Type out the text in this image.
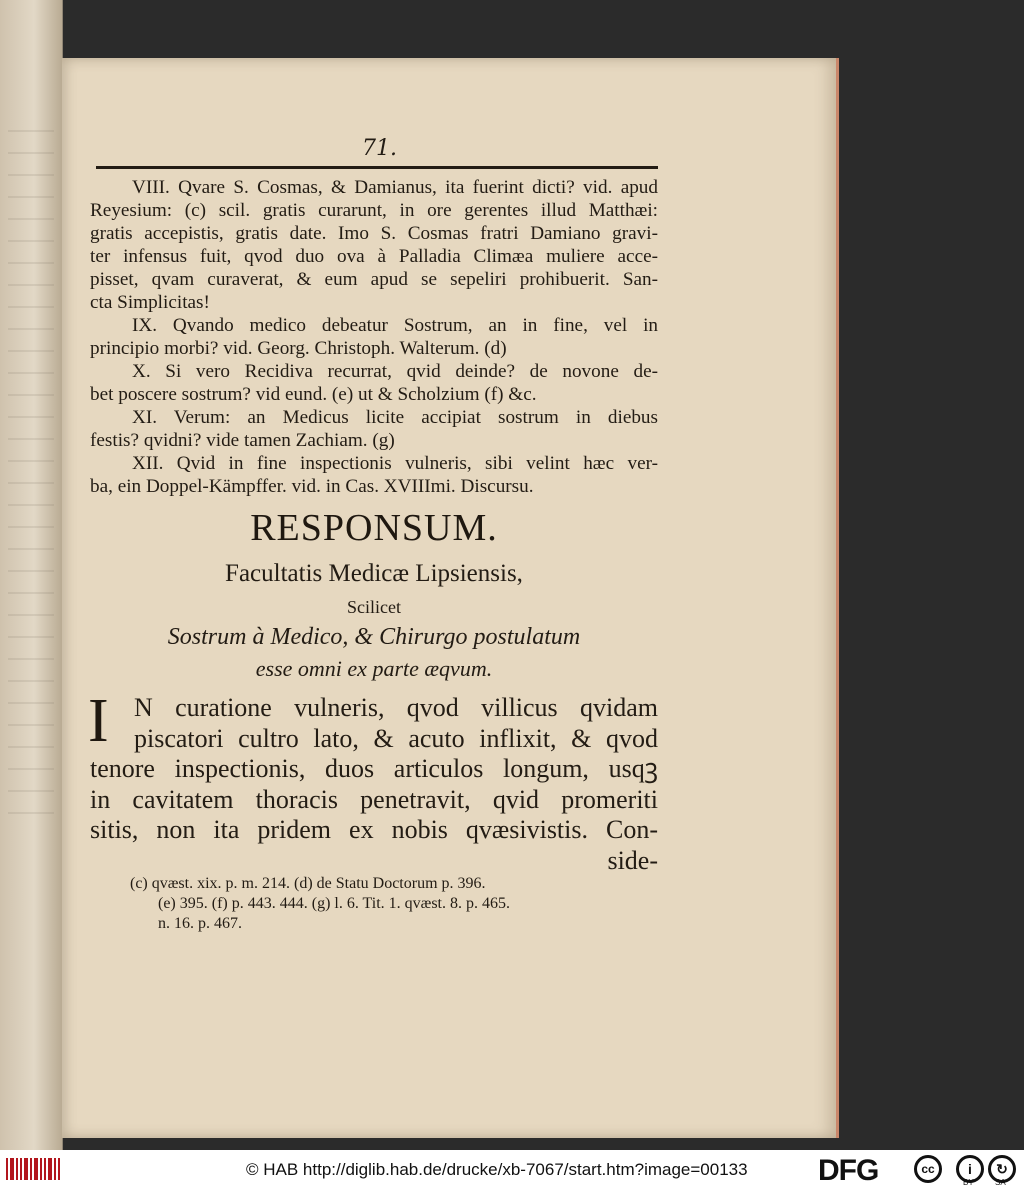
71.
VIII. Qvare S. Cosmas, & Damianus, ita fuerint dicti? vid. apud
Reyesium: (c) scil. gratis curarunt, in ore gerentes illud Matthæi:
gratis accepistis, gratis date. Imo S. Cosmas fratri Damiano gravi-
ter infensus fuit, qvod duo ova à Palladia Climæa muliere acce-
pisset, qvam curaverat, & eum apud se sepeliri prohibuerit. San-
cta Simplicitas!
IX. Qvando medico debeatur Sostrum, an in fine, vel in
principio morbi? vid. Georg. Christoph. Walterum. (d)
X. Si vero Recidiva recurrat, qvid deinde? de novone de-
bet poscere sostrum? vid eund. (e) ut & Scholzium (f) &c.
XI. Verum: an Medicus licite accipiat sostrum in diebus
festis? qvidni? vide tamen Zachiam. (g)
XII. Qvid in fine inspectionis vulneris, sibi velint hæc ver-
ba, ein Doppel-Kämpffer. vid. in Cas. XVIIImi. Discursu.
RESPONSUM.
Facultatis Medicæ Lipsiensis,
Scilicet
Sostrum à Medico, & Chirurgo postulatum
esse omni ex parte æqvum.
I N curatione vulneris, qvod villicus qvidam
piscatori cultro lato, & acuto inflixit, & qvod
tenore inspectionis, duos articulos longum, usqꝫ
in cavitatem thoracis penetravit, qvid promeriti
sitis, non ita pridem ex nobis qvæsivistis. Con-
side-
(c) qvæst. xix. p. m. 214. (d) de Statu Doctorum p. 396.
(e) 395. (f) p. 443. 444. (g) l. 6. Tit. 1. qvæst. 8. p. 465.
n. 16. p. 467.
© HAB http://diglib.hab.de/drucke/xb-7067/start.htm?image=00133 DFG	cc	i	↻
BY	SA
